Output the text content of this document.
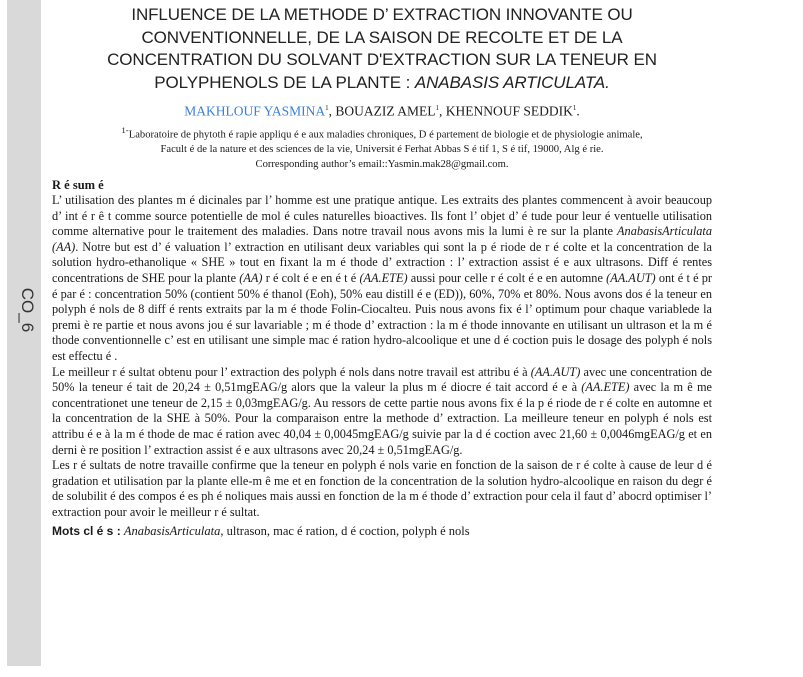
CO_6
INFLUENCE DE LA METHODE D’ EXTRACTION INNOVANTE OU
CONVENTIONNELLE, DE LA SAISON DE RECOLTE ET DE LA
CONCENTRATION DU SOLVANT D'EXTRACTION SUR LA TENEUR EN
POLYPHENOLS DE LA PLANTE : ANABASIS ARTICULATA.

MAKHLOUF YASMINA$^1$, BOUAZIZ AMEL$^1$, KHENNOUF SEDDIK$^1$.

$^{1-}$Laboratoire de phytoth é rapie appliqu é e aux maladies chroniques, D é partement de biologie et de physiologie animale,
Facult é de la nature et des sciences de la vie, Universit é Ferhat Abbas S é tif 1, S é tif, 19000, Alg é rie.
Corresponding author’s email::Yasmin.mak28@gmail.com.

R é sum é

L’ utilisation des plantes m é dicinales par l’ homme est une pratique antique. Les extraits des plantes commencent à avoir beaucoup d’ int é r ê t comme source potentielle de mol é cules naturelles bioactives. Ils font l’ objet d’ é tude pour leur é ventuelle utilisation comme alternative pour le traitement des maladies. Dans notre travail nous avons mis la lumi è re sur la plante AnabasisArticulata (AA). Notre but est d’ é valuation l’ extraction en utilisant deux variables qui sont la p é riode de r é colte et la concentration de la solution hydro-ethanolique « SHE » tout en fixant la m é thode d’ extraction : l’ extraction assist é e aux ultrasons. Diff é rentes concentrations de SHE pour la plante (AA) r é colt é e en é t é (AA.ETE) aussi pour celle r é colt é e en automne (AA.AUT) ont é t é pr é par é : concentration 50% (contient 50% é thanol (Eoh), 50% eau distill é e (ED)), 60%, 70% et 80%. Nous avons dos é la teneur en polyph é nols de 8 diff é rents extraits par la m é thode Folin-Ciocalteu. Puis nous avons fix é l’ optimum pour chaque variablede la premi è re partie et nous avons jou é sur lavariable ; m é thode d’ extraction : la m é thode innovante en utilisant un ultrason et la m é thode conventionnelle c’ est en utilisant une simple mac é ration hydro-alcoolique et une d é coction puis le dosage des polyph é nols est effectu é .

Le meilleur r é sultat obtenu pour l’ extraction des polyph é nols dans notre travail est attribu é à (AA.AUT) avec une concentration de 50% la teneur é tait de 20,24 ± 0,51mgEAG/g alors que la valeur la plus m é diocre é tait accord é e à (AA.ETE) avec la m ê me concentrationet une teneur de 2,15 ± 0,03mgEAG/g. Au ressors de cette partie nous avons fix é la p é riode de r é colte en automne et la concentration de la SHE à 50%. Pour la comparaison entre la methode d’ extraction. La meilleure teneur en polyph é nols est attribu é e à la m é thode de mac é ration avec 40,04 ± 0,0045mgEAG/g suivie par la d é coction avec 21,60 ± 0,0046mgEAG/g et en derni è re position l’ extraction assist é e aux ultrasons avec 20,24 ± 0,51mgEAG/g.

Les r é sultats de notre travaille confirme que la teneur en polyph é nols varie en fonction de la saison de r é colte à cause de leur d é gradation et utilisation par la plante elle-m ê me et en fonction de la concentration de la solution hydro-alcoolique en raison du degr é de solubilit é des compos é es ph é noliques mais aussi en fonction de la m é thode d’ extraction pour cela il faut d’ abocrd optimiser l’ extraction pour avoir le meilleur r é sultat.

Mots cl é s : AnabasisArticulata, ultrason, mac é ration, d é coction, polyph é nols
